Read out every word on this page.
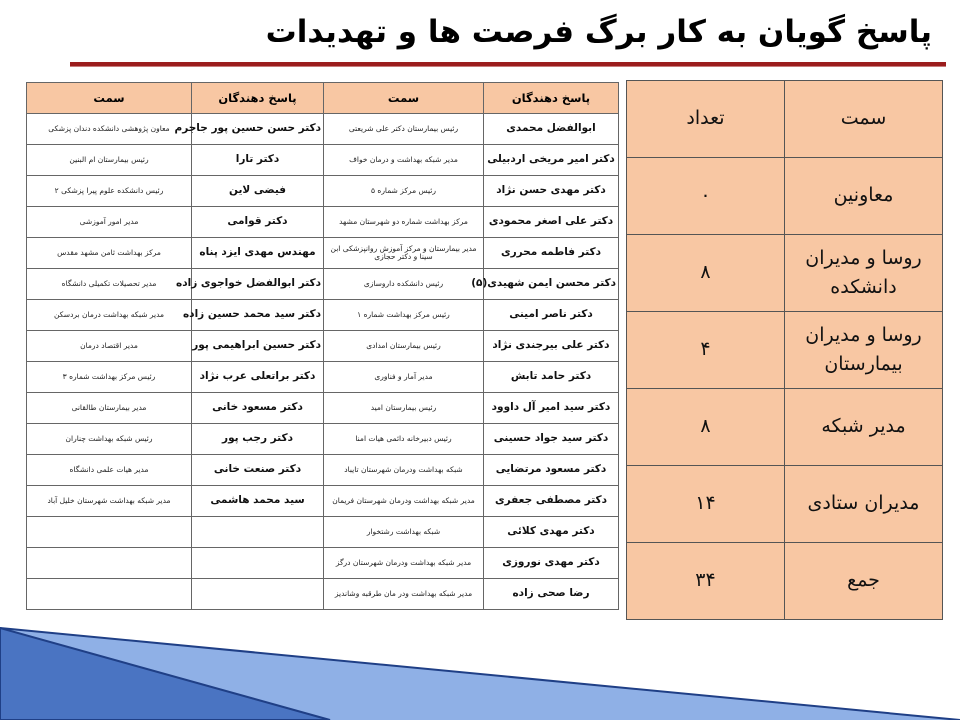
پاسخ گویان به کار برگ فرصت ها و تهدیدات
پاسخ دهندگان	سمت	پاسخ دهندگان	سمت
ابوالفضل محمدی	رئیس بیمارستان دکتر علی شریعتی	دکتر حسن حسین پور جاجرم	معاون پژوهشی دانشکده دندان پزشکی
دکتر امیر مریخی اردبیلی	مدیر شبکه بهداشت و درمان خواف	دکتر تارا	رئیس بیمارستان ام البنین
دکتر مهدی حسن نژاد	رئیس مرکز شماره ۵	فیضی لاین	رئیس دانشکده علوم پیرا پزشکی ۲
دکتر علی اصغر محمودی	مرکز بهداشت شماره دو شهرستان مشهد	دکتر قوامی	مدیر امور آموزشی
دکتر فاطمه محرری	مدیر بیمارستان و مرکز آموزش روانپزشکی ابن سینا و دکتر حجازی	مهندس مهدی ایزد پناه	مرکز بهداشت ثامن مشهد مقدس
دکتر محسن ایمن شهیدی(۵)	رئیس دانشکده داروسازی	دکتر ابوالفضل خواجوی زاده	مدیر تحصیلات تکمیلی دانشگاه
دکتر ناصر امینی	رئیس مرکز بهداشت شماره ۱	دکتر سید محمد حسین زاده	مدیر شبکه بهداشت درمان بردسکن
دکتر علی بیرجندی نژاد	رئیس بیمارستان امدادی	دکتر حسین ابراهیمی پور	مدیر اقتصاد درمان
دکتر حامد تابش	مدیر آمار و فناوری	دکتر براتعلی عرب نژاد	رئیس مرکز بهداشت شماره ۳
دکتر سید امیر آل داوود	رئیس بیمارستان امید	دکتر مسعود خانی	مدیر بیمارستان طالقانی
دکتر سید جواد حسینی	رئیس دبیرخانه دائمی هیات امنا	دکتر رجب پور	رئیس شبکه بهداشت چناران
دکتر مسعود مرتضایی	شبکه بهداشت ودرمان شهرستان تایباد	دکتر صنعت خانی	مدیر هیات علمی دانشگاه
دکتر مصطفی جعفری	مدیر شبکه بهداشت ودرمان شهرستان فریمان	سید محمد هاشمی	مدیر شبکه بهداشت شهرستان خلیل آباد
دکتر مهدی کلائی	شبکه بهداشت رشتخوار		
دکتر مهدی نوروزی	مدیر شبکه بهداشت ودرمان شهرستان درگز		
رضا صحی زاده	مدیر شبکه بهداشت ودر مان طرقبه وشاندیز		
سمت	تعداد
معاونین	۰
روسا و مدیران دانشکده	۸
روسا و مدیران بیمارستان	۴
مدیر شبکه	۸
مدیران ستادی	۱۴
جمع	۳۴
